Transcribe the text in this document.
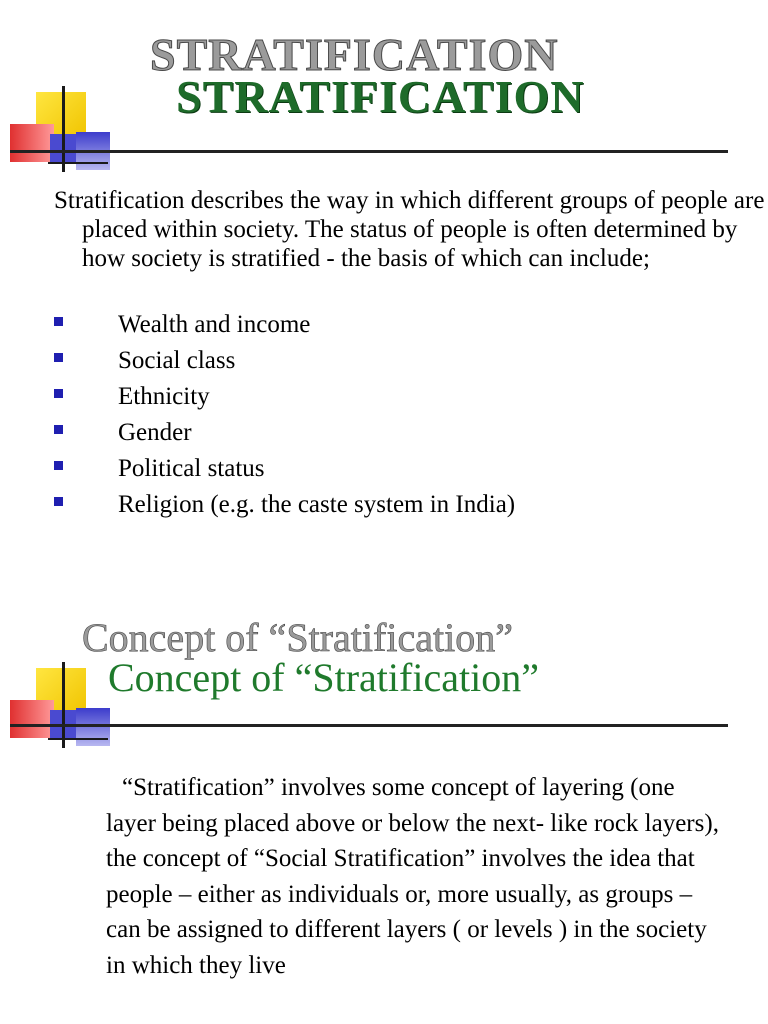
STRATIFICATION
STRATIFICATION
Stratification describes the way in which different groups of people are placed within society. The status of people is often determined by how society is stratified - the basis of which can include;
Wealth and income
Social class
Ethnicity
Gender
Political status
Religion (e.g. the caste system in India)
Concept of “Stratification”
Concept of “Stratification”
“Stratification” involves some concept of layering (one layer being placed above or below the next- like rock layers), the concept of “Social Stratification” involves the idea that people – either as individuals or, more usually, as groups – can be assigned to different layers ( or levels ) in the society in which they live
